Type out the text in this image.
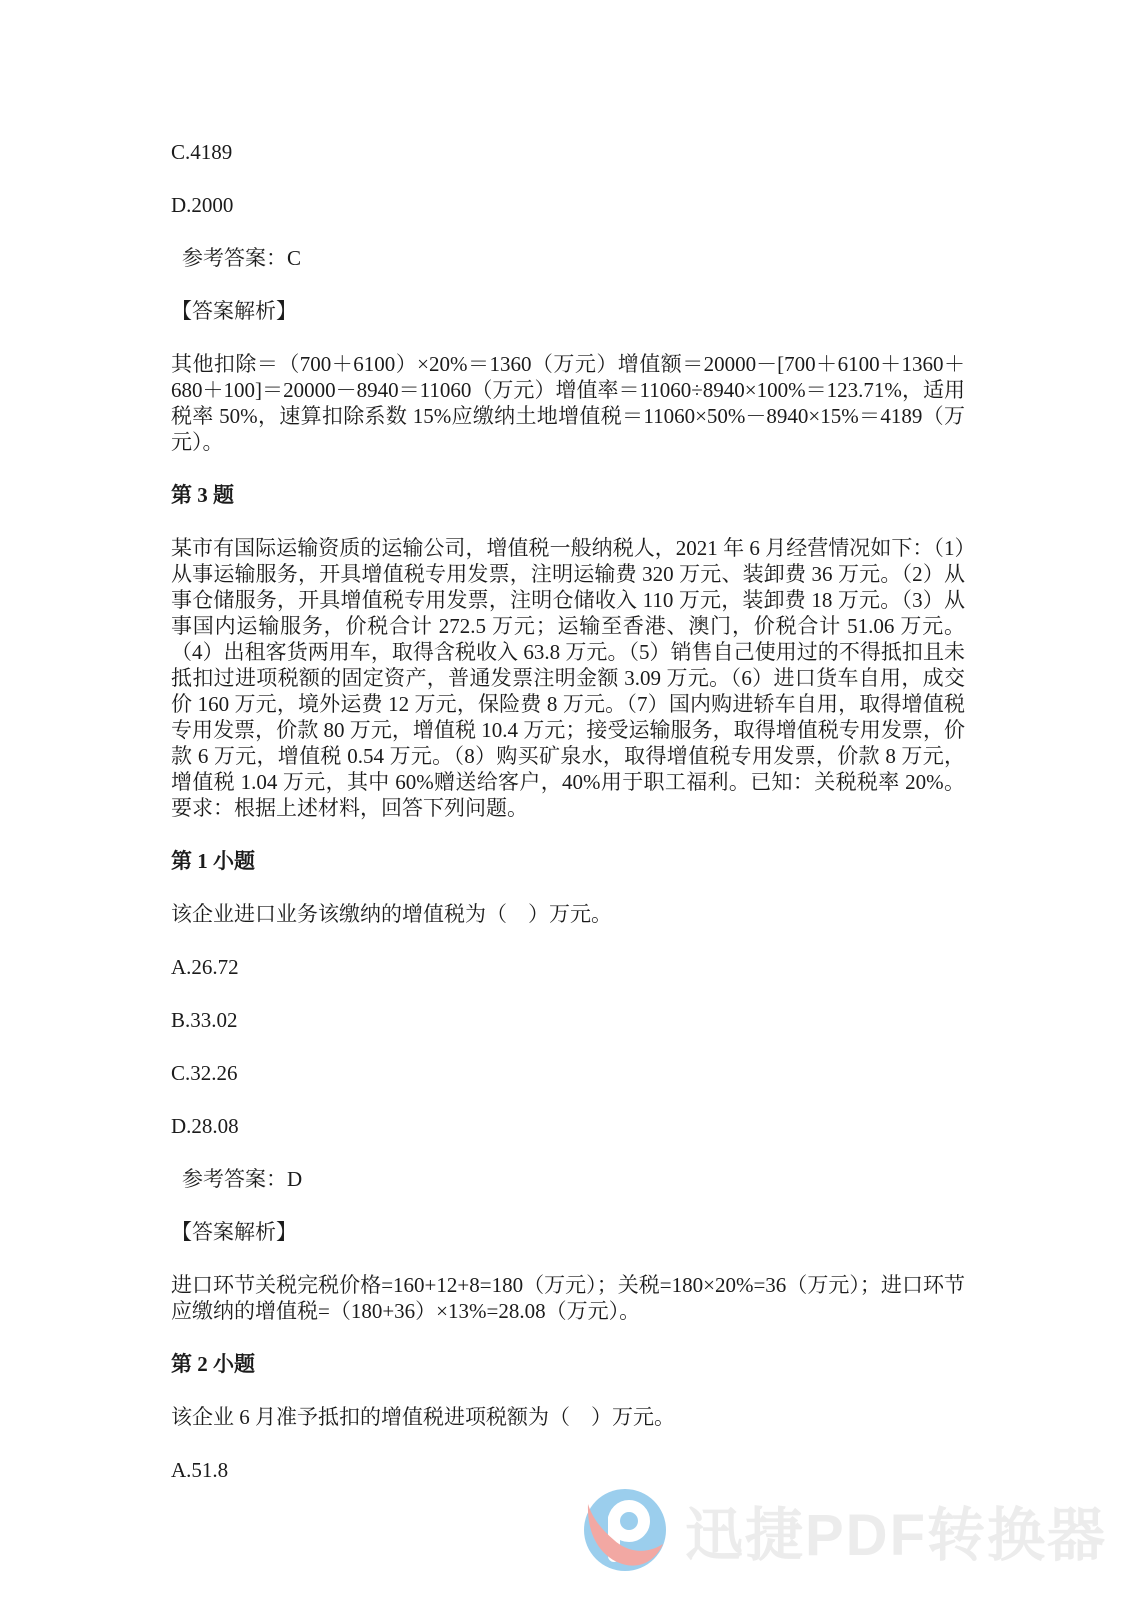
C.4189

D.2000

参考答案：C

【答案解析】

其他扣除＝（700＋6100）×20%＝1360（万元）增值额＝20000－[700＋6100＋1360＋680＋100]＝20000－8940＝11060（万元）增值率＝11060÷8940×100%＝123.71%，适用税率 50%，速算扣除系数 15%应缴纳土地增值税＝11060×50%－8940×15%＝4189（万元）。

第 3 题

某市有国际运输资质的运输公司，增值税一般纳税人，2021 年 6 月经营情况如下：（1）从事运输服务，开具增值税专用发票，注明运输费 320 万元、装卸费 36 万元。（2）从事仓储服务，开具增值税专用发票，注明仓储收入 110 万元，装卸费 18 万元。（3）从事国内运输服务，价税合计 272.5 万元；运输至香港、澳门，价税合计 51.06 万元。（4）出租客货两用车，取得含税收入 63.8 万元。（5）销售自己使用过的不得抵扣且未抵扣过进项税额的固定资产，普通发票注明金额 3.09 万元。（6）进口货车自用，成交价 160 万元，境外运费 12 万元，保险费 8 万元。（7）国内购进轿车自用，取得增值税专用发票，价款 80 万元，增值税 10.4 万元；接受运输服务，取得增值税专用发票，价款 6 万元，增值税 0.54 万元。（8）购买矿泉水，取得增值税专用发票，价款 8 万元，增值税 1.04 万元，其中 60%赠送给客户，40%用于职工福利。已知：关税税率 20%。要求：根据上述材料，回答下列问题。

第 1 小题

该企业进口业务该缴纳的增值税为（　）万元。

A.26.72

B.33.02

C.32.26

D.28.08

参考答案：D

【答案解析】

进口环节关税完税价格=160+12+8=180（万元）；关税=180×20%=36（万元）；进口环节应缴纳的增值税=（180+36）×13%=28.08（万元）。

第 2 小题

该企业 6 月准予抵扣的增值税进项税额为（　）万元。

A.51.8

迅捷PDF转换器
